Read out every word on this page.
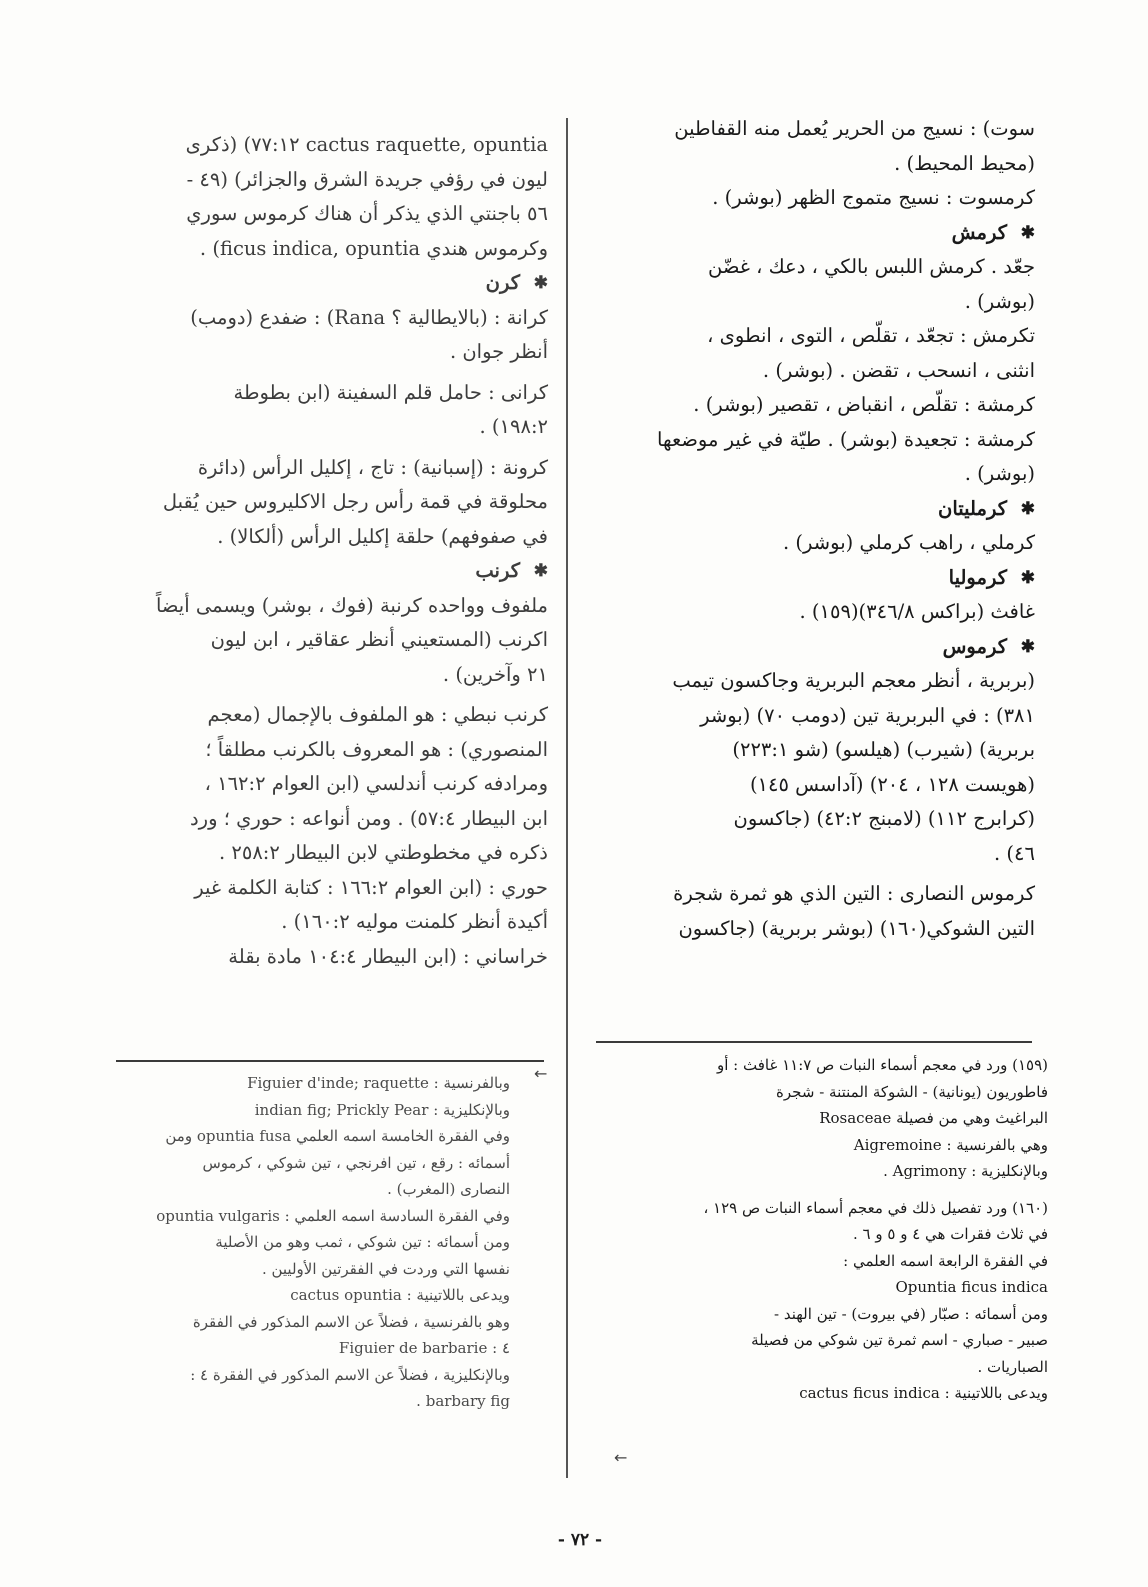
سوت) : نسيج من الحرير يُعمل منه القفاطين
(محيط المحيط) .
كرمسوت : نسيج متموج الظهر (بوشر) .
✱
كرمش
جعّد . كرمش اللبس بالكي ، دعك ، غضّن
(بوشر) .
تكرمش : تجعّد ، تقلّص ، التوى ، انطوى ،
انثنى ، انسحب ، تقضن . (بوشر) .
كرمشة : تقلّص ، انقباض ، تقصير (بوشر) .
كرمشة : تجعيدة (بوشر) . طيّة في غير موضعها
(بوشر) .
✱
كرمليتان
كرملي ، راهب كرملي (بوشر) .
✱
كرموليا
غافث (براكس ٣٤٦/٨)(١٥٩) .
✱
كرموس
(بربرية ، أنظر معجم البربرية وجاكسون تيمب
٣٨١) : في البربرية تين (دومب ٧٠) (بوشر
بربرية) (شيرب) (هيلسو) (شو ٢٢٣:١)
(هويست ١٢٨ ، ٢٠٤) (آداسس ١٤٥)
(كرابرج ١١٢) (لامبنج ٤٢:٢) (جاكسون
٤٦) .
كرموس النصارى : التين الذي هو ثمرة شجرة
التين الشوكي(١٦٠) (بوشر بربرية) (جاكسون
cactus raquette, opuntia ٧٧:١٢) (ذكرى
ليون في رؤفي جريدة الشرق والجزائر) (٤٩ -
٥٦ باجنتي الذي يذكر أن هناك كرموس سوري
وكرموس هندي ficus indica, opuntia) .
✱
كرن
كرانة : (بالايطالية ؟ Rana) : ضفدع (دومب)
أنظر جوان .
كرانى : حامل قلم السفينة (ابن بطوطة
١٩٨:٢) .
كرونة : (إسبانية) : تاج ، إكليل الرأس (دائرة
محلوقة في قمة رأس رجل الاكليروس حين يُقبل
في صفوفهم) حلقة إكليل الرأس (ألكالا) .
✱
كرنب
ملفوف وواحده كرنبة (فوك ، بوشر) ويسمى أيضاً
اكرنب (المستعيني أنظر عقاقير ، ابن ليون
٢١ وآخرين) .
كرنب نبطي : هو الملفوف بالإجمال (معجم
المنصوري) : هو المعروف بالكرنب مطلقاً ؛
ومرادفه كرنب أندلسي (ابن العوام ١٦٢:٢ ،
ابن البيطار ٥٧:٤) . ومن أنواعه : حوري ؛ ورد
ذكره في مخطوطتي لابن البيطار ٢٥٨:٢ .
حوري : (ابن العوام ١٦٦:٢ : كتابة الكلمة غير
أكيدة أنظر كلمنت موليه ١٦٠:٢) .
خراساني : (ابن البيطار ١٠٤:٤ مادة بقلة
(١٥٩) ورد في معجم أسماء النبات ص ١١:٧ غافث : أو
فاطوريون (يونانية) - الشوكة المنتنة - شجرة
البراغيث وهي من فصيلة Rosaceae
وهي بالفرنسية : Aigremoine
وبالإنكليزية : Agrimony .
(١٦٠) ورد تفصيل ذلك في معجم أسماء النبات ص ١٢٩ ،
في ثلاث فقرات هي ٤ و ٥ و ٦ .
في الفقرة الرابعة اسمه العلمي :
Opuntia ficus indica
ومن أسمائه : صبّار (في بيروت) - تين الهند -
صبير - صباري - اسم ثمرة تين شوكي من فصيلة
الصباريات .
ويدعى باللاتينية : cactus ficus indica
وبالفرنسية : Figuier d'inde; raquette
وبالإنكليزية : indian fig; Prickly Pear
وفي الفقرة الخامسة اسمه العلمي opuntia fusa ومن
أسمائه : رقع ، تين افرنجي ، تين شوكي ، كرموس
النصارى (المغرب) .
وفي الفقرة السادسة اسمه العلمي : opuntia vulgaris
ومن أسمائه : تين شوكي ، ثمب وهو من الأصلية
نفسها التي وردت في الفقرتين الأوليين .
ويدعى باللاتينية : cactus opuntia
وهو بالفرنسية ، فضلاً عن الاسم المذكور في الفقرة
٤ : Figuier de barbarie
وبالإنكليزية ، فضلاً عن الاسم المذكور في الفقرة ٤ :
barbary fig .
←
←
- ٧٢ -
